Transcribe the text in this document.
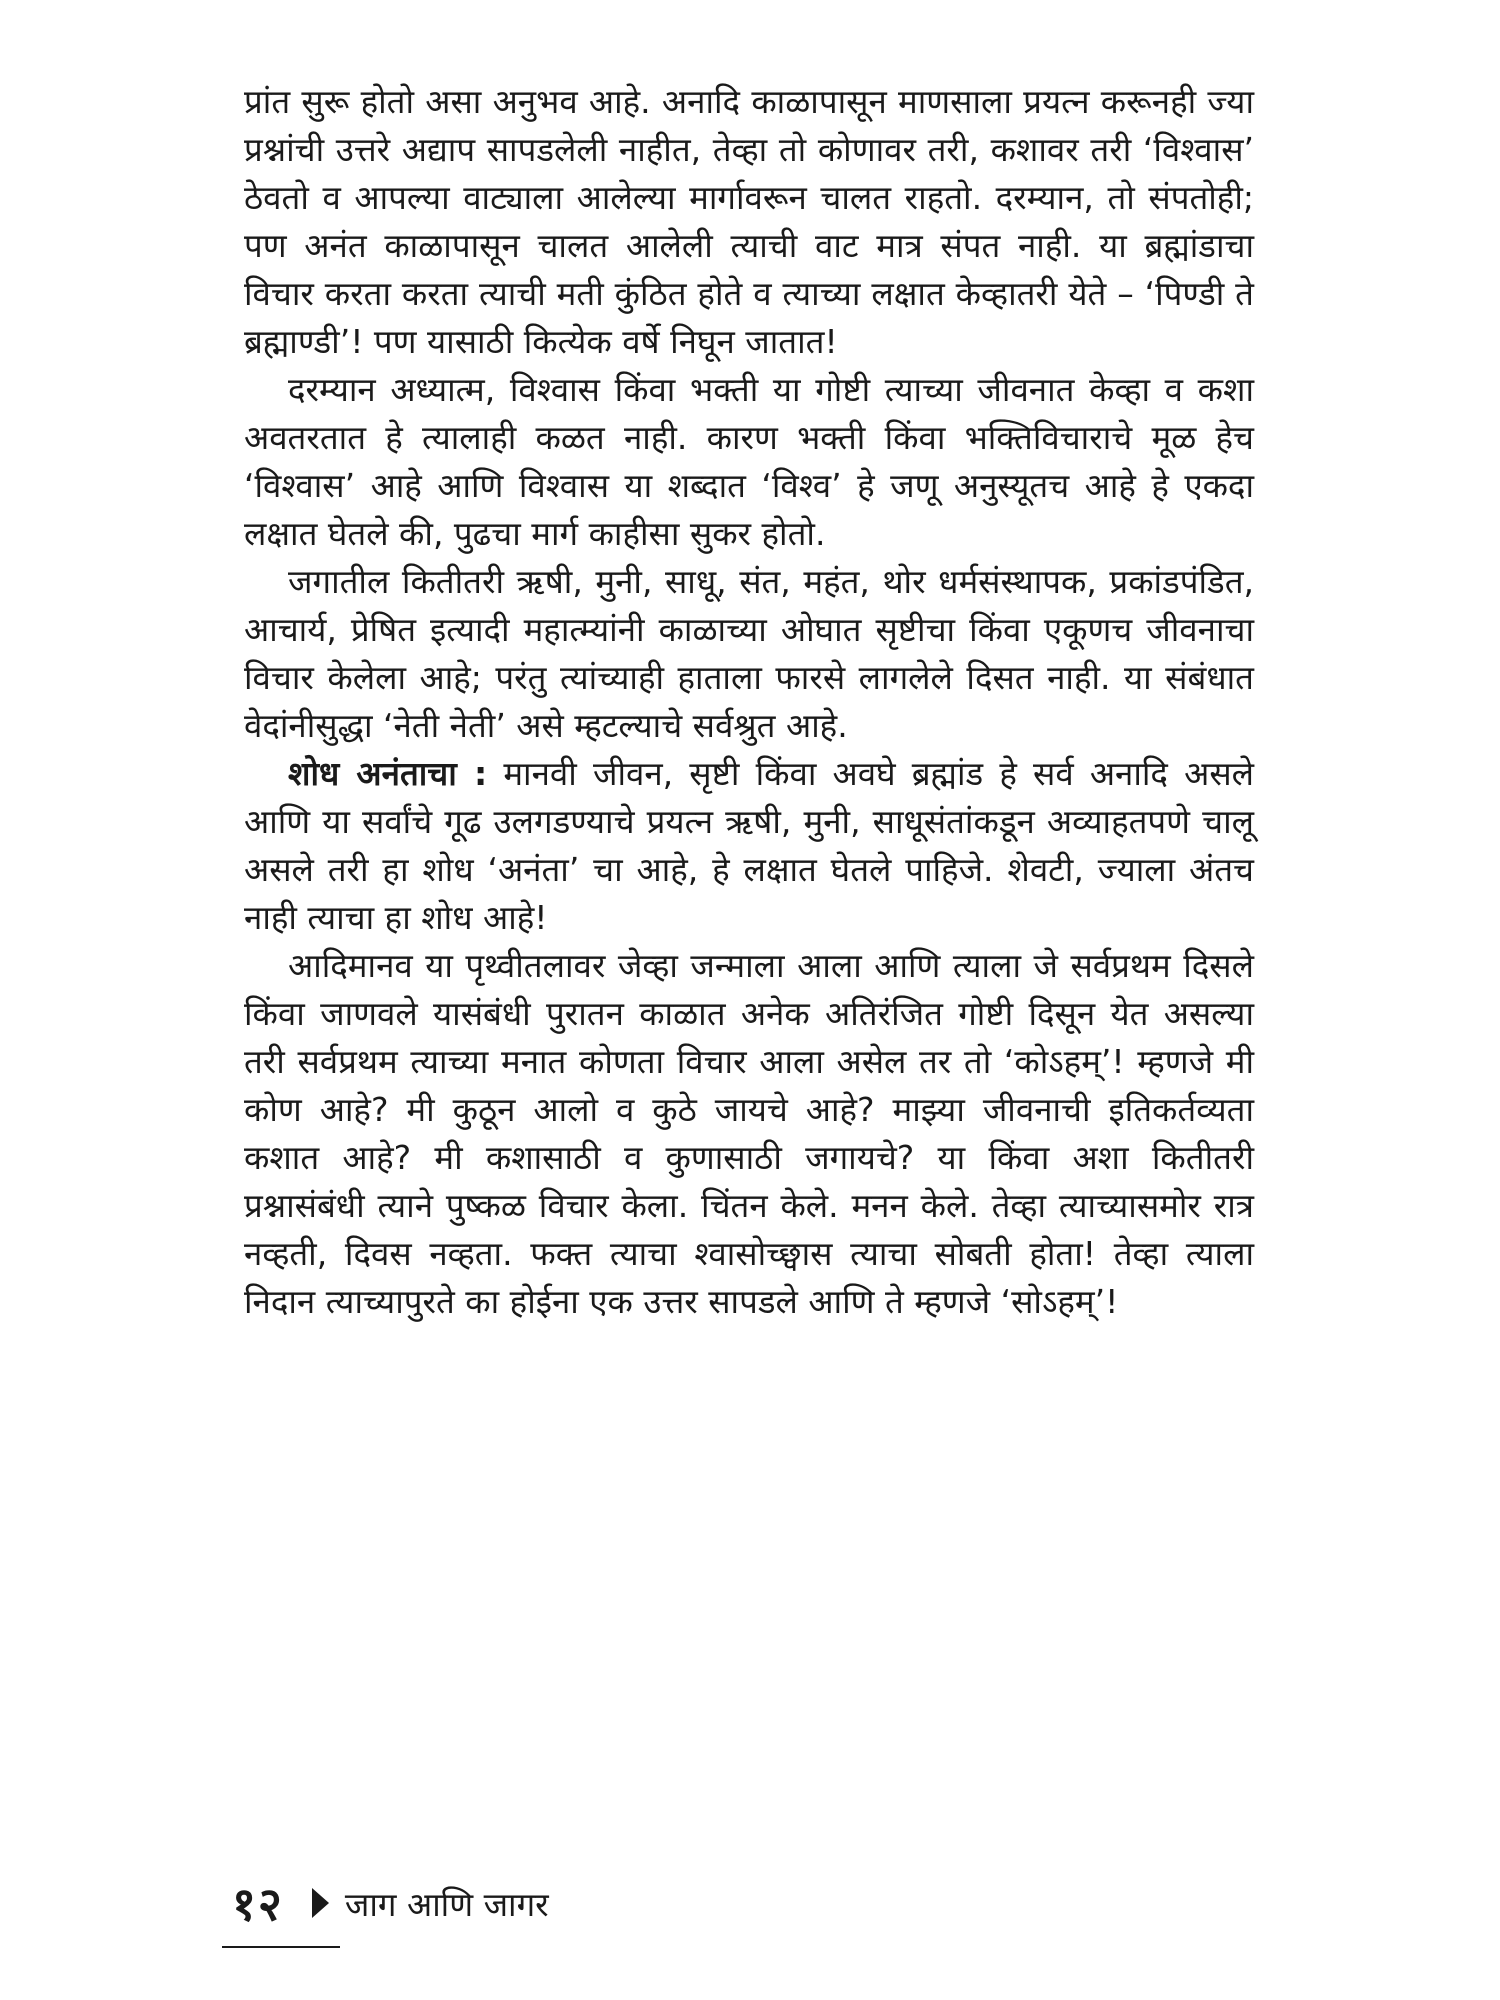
प्रांत सुरू होतो असा अनुभव आहे. अनादि काळापासून माणसाला प्रयत्न करूनही ज्या प्रश्नांची उत्तरे अद्याप सापडलेली नाहीत, तेव्हा तो कोणावर तरी, कशावर तरी ‘विश्वास’ ठेवतो व आपल्या वाट्याला आलेल्या मार्गावरून चालत राहतो. दरम्यान, तो संपतोही; पण अनंत काळापासून चालत आलेली त्याची वाट मात्र संपत नाही. या ब्रह्मांडाचा विचार करता करता त्याची मती कुंठित होते व त्याच्या लक्षात केव्हातरी येते – ‘पिण्डी ते ब्रह्माण्डी’! पण यासाठी कित्येक वर्षे निघून जातात!

दरम्यान अध्यात्म, विश्वास किंवा भक्ती या गोष्टी त्याच्या जीवनात केव्हा व कशा अवतरतात हे त्यालाही कळत नाही. कारण भक्ती किंवा भक्तिविचाराचे मूळ हेच ‘विश्वास’ आहे आणि विश्वास या शब्दात ‘विश्व’ हे जणू अनुस्यूतच आहे हे एकदा लक्षात घेतले की, पुढचा मार्ग काहीसा सुकर होतो.

जगातील कितीतरी ऋषी, मुनी, साधू, संत, महंत, थोर धर्मसंस्थापक, प्रकांडपंडित, आचार्य, प्रेषित इत्यादी महात्म्यांनी काळाच्या ओघात सृष्टीचा किंवा एकूणच जीवनाचा विचार केलेला आहे; परंतु त्यांच्याही हाताला फारसे लागलेले दिसत नाही. या संबंधात वेदांनीसुद्धा ‘नेती नेती’ असे म्हटल्याचे सर्वश्रुत आहे.

शोध अनंताचा : मानवी जीवन, सृष्टी किंवा अवघे ब्रह्मांड हे सर्व अनादि असले आणि या सर्वांचे गूढ उलगडण्याचे प्रयत्न ऋषी, मुनी, साधूसंतांकडून अव्याहतपणे चालू असले तरी हा शोध ‘अनंता’ चा आहे, हे लक्षात घेतले पाहिजे. शेवटी, ज्याला अंतच नाही त्याचा हा शोध आहे!

आदिमानव या पृथ्वीतलावर जेव्हा जन्माला आला आणि त्याला जे सर्वप्रथम दिसले किंवा जाणवले यासंबंधी पुरातन काळात अनेक अतिरंजित गोष्टी दिसून येत असल्या तरी सर्वप्रथम त्याच्या मनात कोणता विचार आला असेल तर तो ‘कोऽहम्’! म्हणजे मी कोण आहे? मी कुठून आलो व कुठे जायचे आहे? माझ्या जीवनाची इतिकर्तव्यता कशात आहे? मी कशासाठी व कुणासाठी जगायचे? या किंवा अशा कितीतरी प्रश्नासंबंधी त्याने पुष्कळ विचार केला. चिंतन केले. मनन केले. तेव्हा त्याच्यासमोर रात्र नव्हती, दिवस नव्हता. फक्त त्याचा श्वासोच्छ्वास त्याचा सोबती होता! तेव्हा त्याला निदान त्याच्यापुरते का होईना एक उत्तर सापडले आणि ते म्हणजे ‘सोऽहम्’!

१२ जाग आणि जागर
